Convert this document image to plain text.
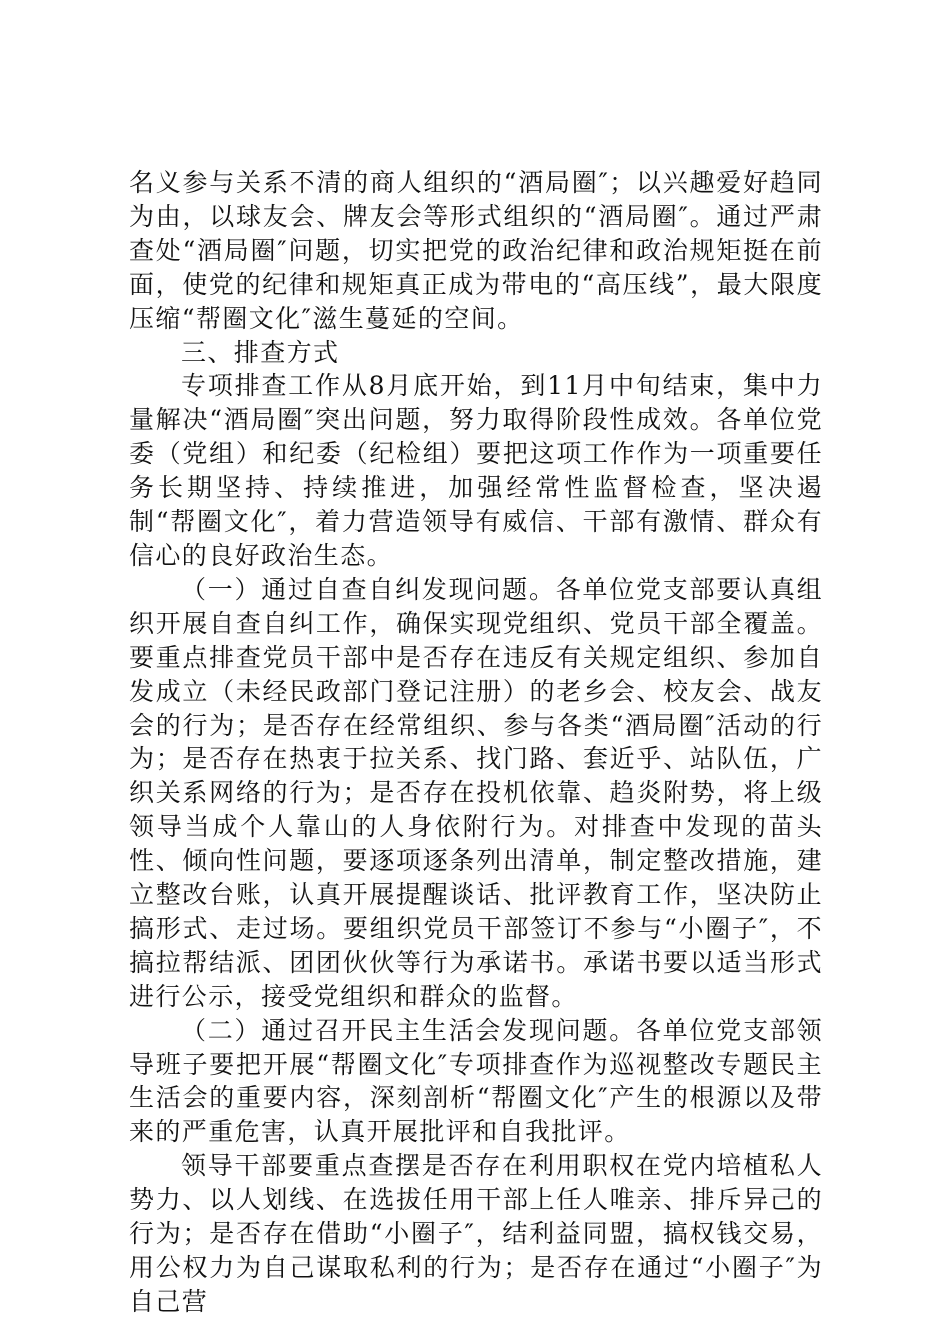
名义参与关系不清的商人组织的“酒局圈″；以兴趣爱好趋同为由，以球友会、牌友会等形式组织的“酒局圈″。通过严肃查处“酒局圈″问题，切实把党的政治纪律和政治规矩挺在前面，使党的纪律和规矩真正成为带电的“高压线”，最大限度压缩“帮圈文化″滋生蔓延的空间。

三、排查方式

专项排查工作从8月底开始，到11月中旬结束，集中力量解决“酒局圈″突出问题，努力取得阶段性成效。各单位党委（党组）和纪委（纪检组）要把这项工作作为一项重要任务长期坚持、持续推进，加强经常性监督检查，坚决遏制“帮圈文化″，着力营造领导有威信、干部有激情、群众有信心的良好政治生态。

（一）通过自查自纠发现问题。各单位党支部要认真组织开展自查自纠工作，确保实现党组织、党员干部全覆盖。要重点排查党员干部中是否存在违反有关规定组织、参加自发成立（未经民政部门登记注册）的老乡会、校友会、战友会的行为；是否存在经常组织、参与各类“酒局圈″活动的行为；是否存在热衷于拉关系、找门路、套近乎、站队伍，广织关系网络的行为；是否存在投机依靠、趋炎附势，将上级领导当成个人靠山的人身依附行为。对排查中发现的苗头性、倾向性问题，要逐项逐条列出清单，制定整改措施，建立整改台账，认真开展提醒谈话、批评教育工作，坚决防止搞形式、走过场。要组织党员干部签订不参与“小圈子″，不搞拉帮结派、团团伙伙等行为承诺书。承诺书要以适当形式进行公示，接受党组织和群众的监督。

（二）通过召开民主生活会发现问题。各单位党支部领导班子要把开展“帮圈文化″专项排查作为巡视整改专题民主生活会的重要内容，深刻剖析“帮圈文化″产生的根源以及带来的严重危害，认真开展批评和自我批评。

领导干部要重点查摆是否存在利用职权在党内培植私人势力、以人划线、在选拔任用干部上任人唯亲、排斥异己的行为；是否存在借助“小圈子″，结利益同盟，搞权钱交易，用公权力为自己谋取私利的行为；是否存在通过“小圈子″为自己营
